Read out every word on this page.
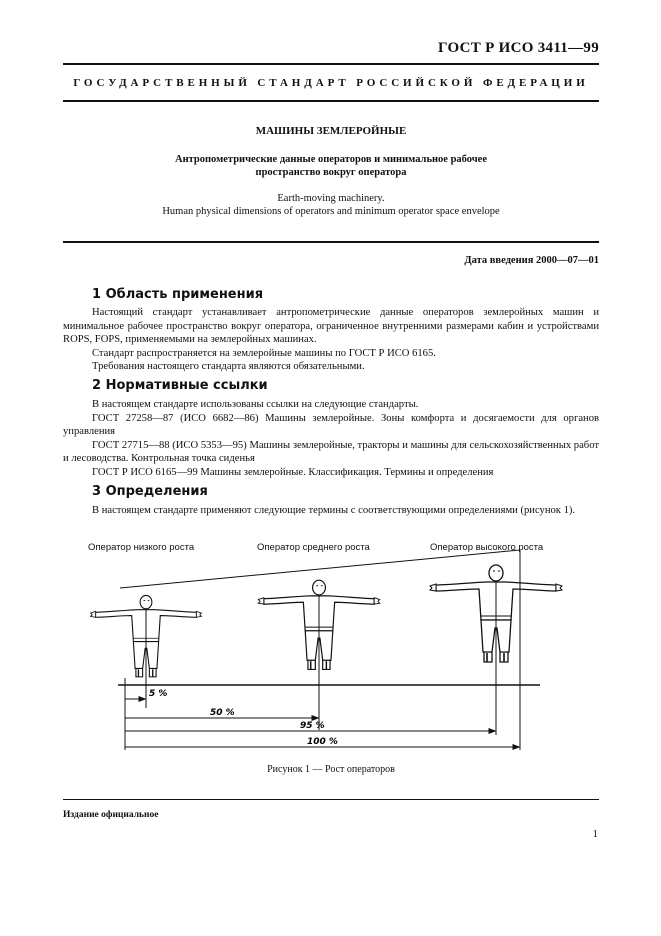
ГОСТ Р ИСО 3411—99
ГОСУДАРСТВЕННЫЙ СТАНДАРТ РОССИЙСКОЙ ФЕДЕРАЦИИ
МАШИНЫ ЗЕМЛЕРОЙНЫЕ
Антропометрические данные операторов и минимальное рабочее
пространство вокруг оператора
Earth-moving machinery.
Human physical dimensions of operators and minimum operator space envelope
Дата введения 2000—07—01
1 Область применения

Настоящий стандарт устанавливает антропометрические данные операторов землеройных машин и минимальное рабочее пространство вокруг оператора, ограниченное внутренними размерами кабин и устройствами ROPS, FOPS, применяемыми на землеройных машинах.

Стандарт распространяется на землеройные машины по ГОСТ Р ИСО 6165.

Требования настоящего стандарта являются обязательными.

2 Нормативные ссылки

В настоящем стандарте использованы ссылки на следующие стандарты.

ГОСТ 27258—87 (ИСО 6682—86) Машины землеройные. Зоны комфорта и досягаемости для органов управления

ГОСТ 27715—88 (ИСО 5353—95) Машины землеройные, тракторы и машины для сельскохозяйственных работ и лесоводства. Контрольная точка сиденья

ГОСТ Р ИСО 6165—99 Машины землеройные. Классификация. Термины и определения

3 Определения

В настоящем стандарте применяют следующие термины с соответствующими определениями (рисунок 1).

Оператор низкого роста	Оператор среднего роста	Оператор высокого роста
5 %
50 %
95 %
100 %
Рисунок 1 — Рост операторов
Издание официальное
1
